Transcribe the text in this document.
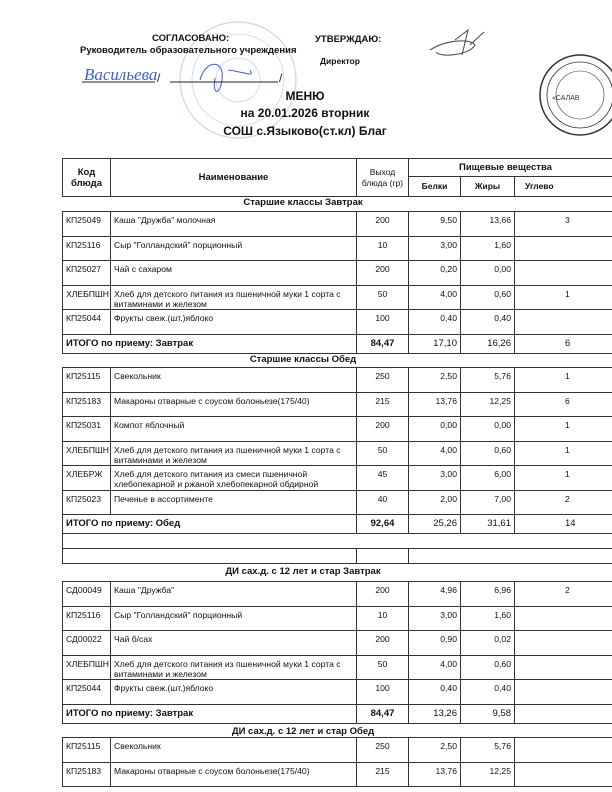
«САЛАВ
Васильева /	/
СОГЛАСОВАНО:
Руководитель образовательного учреждения
УТВЕРЖДАЮ:
Директор
МЕНЮ
на 20.01.2026 вторник
СОШ с.Языково(ст.кл) Благ
Код блюда	Наименование	Выход блюда (гр)	Пищевые вещества		
			Белки	Жиры	Углево
Старшие классы Завтрак
КП25049	Каша "Дружба" молочная	200	9,50	13,66	3
КП25116	Сыр "Голландский" порционный	10	3,00	1,60	
КП25027	Чай с сахаром	200	0,20	0,00	
ХЛЕБПШН	Хлеб для детского питания из пшеничной муки 1 сорта с витаминами и железом	50	4,00	0,60	1
КП25044	Фрукты свеж.(шт.)яблоко	100	0,40	0,40	
ИТОГО по приему: Завтрак		84,47	17,10	16,26	6
Старшие классы Обед
КП25115	Свекольник	250	2,50	5,76	1
КП25183	Макароны отварные с соусом болоньезе(175/40)	215	13,76	12,25	6
КП25031	Компот яблочный	200	0,00	0,00	1
ХЛЕБПШН	Хлеб для детского питания из пшеничной муки 1 сорта с витаминами и железом	50	4,00	0,60	1
ХЛЕБРЖ	Хлеб для детского питания из смеси пшеничной хлебопекарной и ржаной хлебопекарной обдирной	45	3,00	6,00	1
КП25023	Печенье в ассортименте	40	2,00	7,00	2
ИТОГО по приему: Обед		92,64	25,26	31,61	14

ДИ сах.д. с 12 лет и стар Завтрак
СД00049	Каша "Дружба"	200	4,96	6,96	2
КП25116	Сыр "Голландский" порционный	10	3,00	1,60	
СД00022	Чай б/сах	200	0,90	0,02	
ХЛЕБПШН	Хлеб для детского питания из пшеничной муки 1 сорта с витаминами и железом	50	4,00	0,60	
КП25044	Фрукты свеж.(шт.)яблоко	100	0,40	0,40	
ИТОГО по приему: Завтрак		84,47	13,26	9,58	
ДИ сах.д. с 12 лет и стар Обед
КП25115	Свекольник	250	2,50	5,76	
КП25183	Макароны отварные с соусом болоньезе(175/40)	215	13,76	12,25	
